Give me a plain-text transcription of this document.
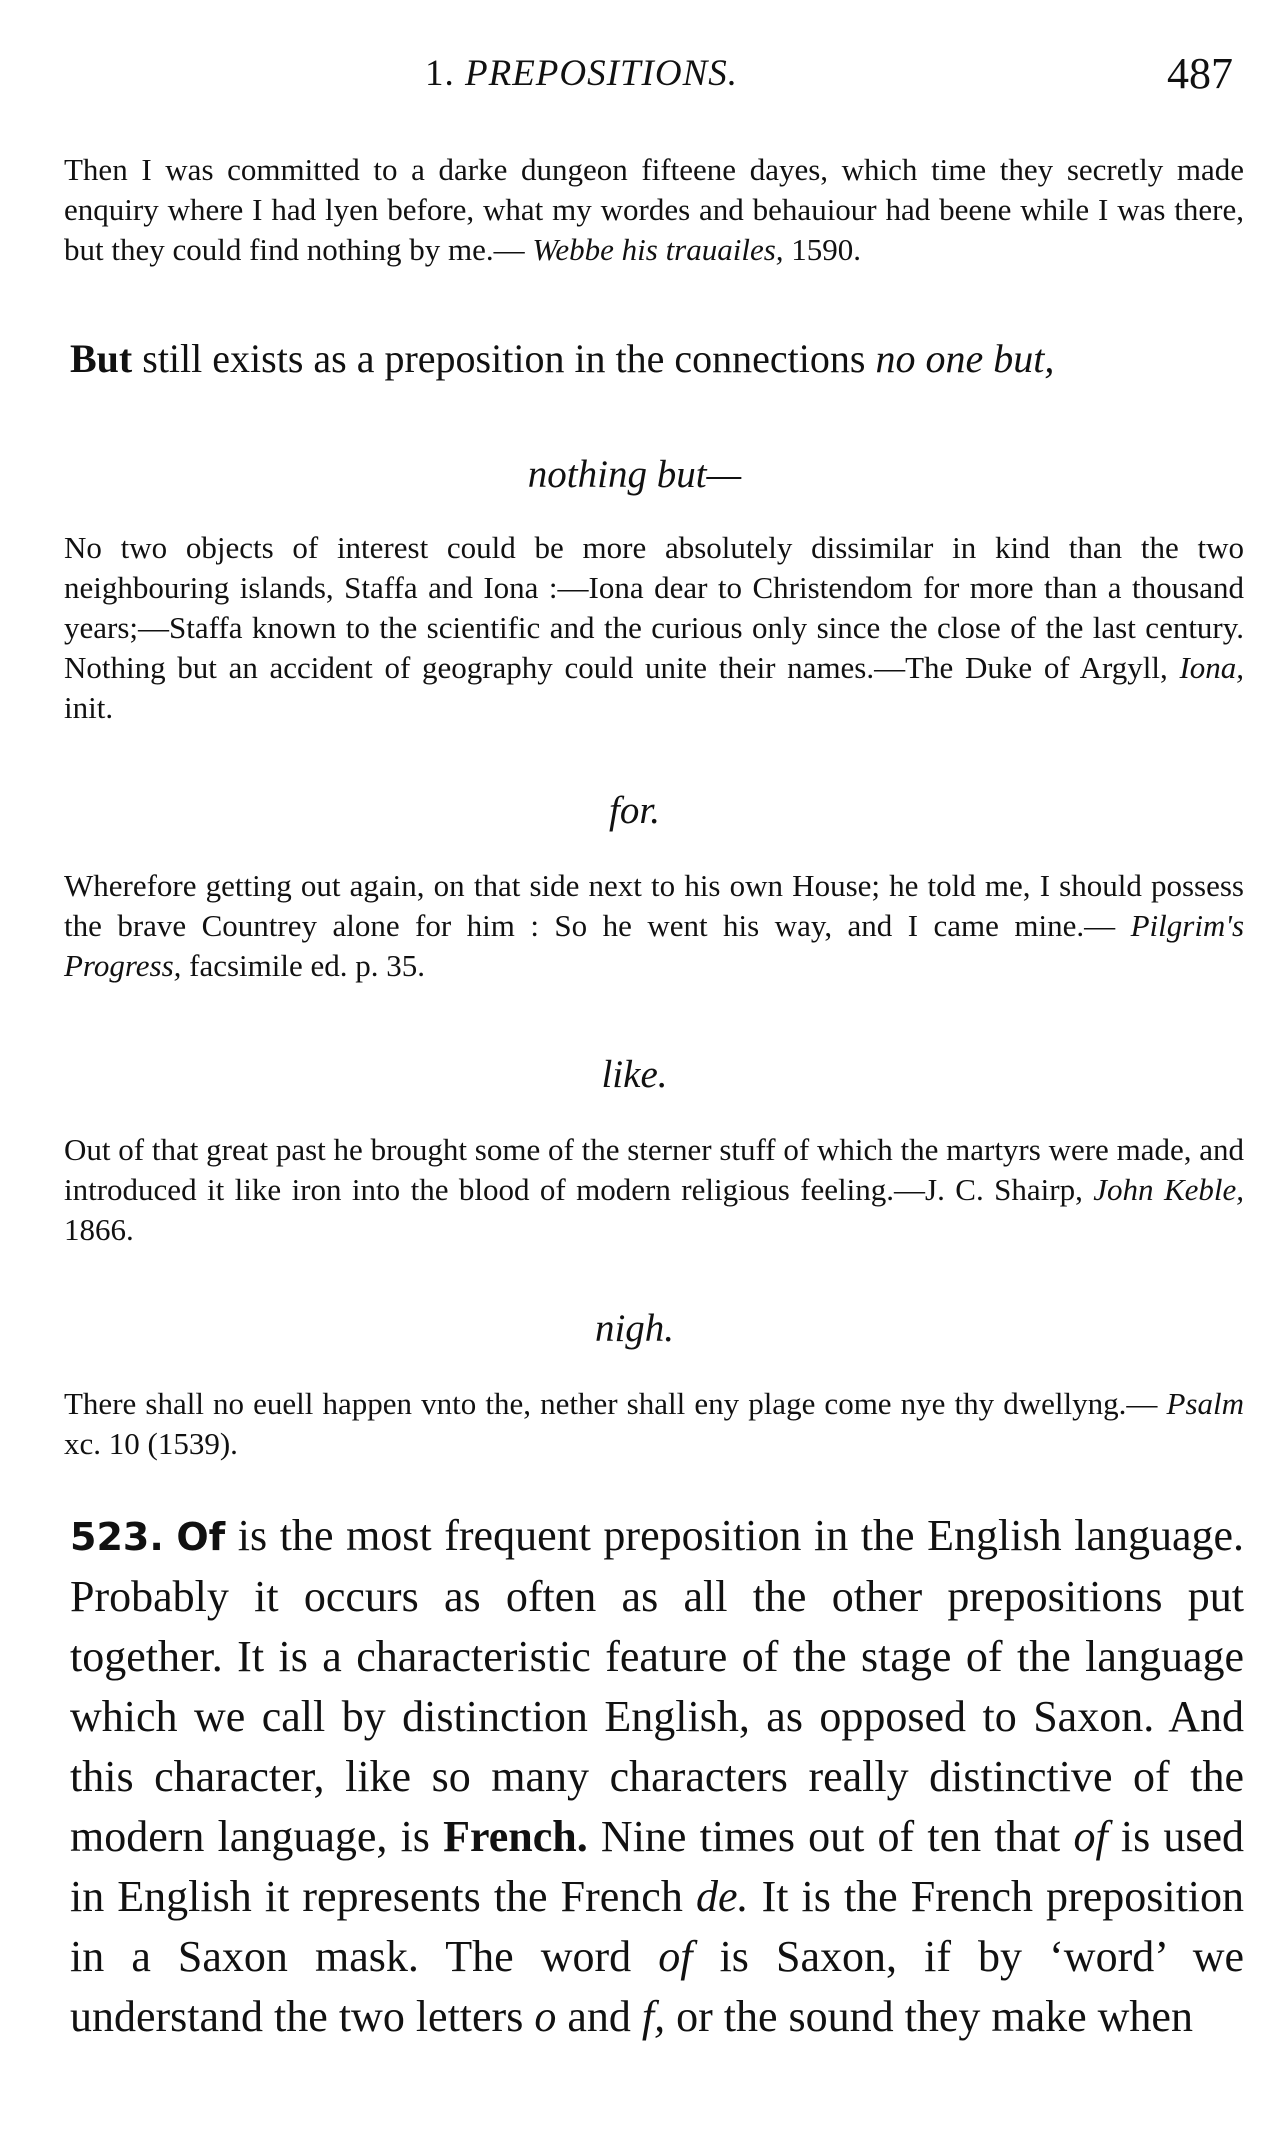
1. PREPOSITIONS.	487

Then I was committed to a darke dungeon fifteene dayes, which time they secretly made enquiry where I had lyen before, what my wordes and behauiour had beene while I was there, but they could find nothing by me.— Webbe his trauailes, 1590.

But still exists as a preposition in the connections no one but,

nothing but—

No two objects of interest could be more absolutely dissimilar in kind than the two neighbouring islands, Staffa and Iona :—Iona dear to Christendom for more than a thousand years;—Staffa known to the scientific and the curious only since the close of the last century. Nothing but an accident of geography could unite their names.—The Duke of Argyll, Iona, init.

for.

Wherefore getting out again, on that side next to his own House; he told me, I should possess the brave Countrey alone for him : So he went his way, and I came mine.— Pilgrim's Progress, facsimile ed. p. 35.

like.

Out of that great past he brought some of the sterner stuff of which the martyrs were made, and introduced it like iron into the blood of modern religious feeling.—J. C. Shairp, John Keble, 1866.

nigh.

There shall no euell happen vnto the, nether shall eny plage come nye thy dwellyng.— Psalm xc. 10 (1539).

523. Of is the most frequent preposition in the English language. Probably it occurs as often as all the other prepositions put together. It is a characteristic feature of the stage of the language which we call by distinction English, as opposed to Saxon. And this character, like so many characters really distinctive of the modern language, is French. Nine times out of ten that of is used in English it represents the French de. It is the French preposition in a Saxon mask. The word of is Saxon, if by ‘word’ we understand the two letters o and f, or the sound they make when
